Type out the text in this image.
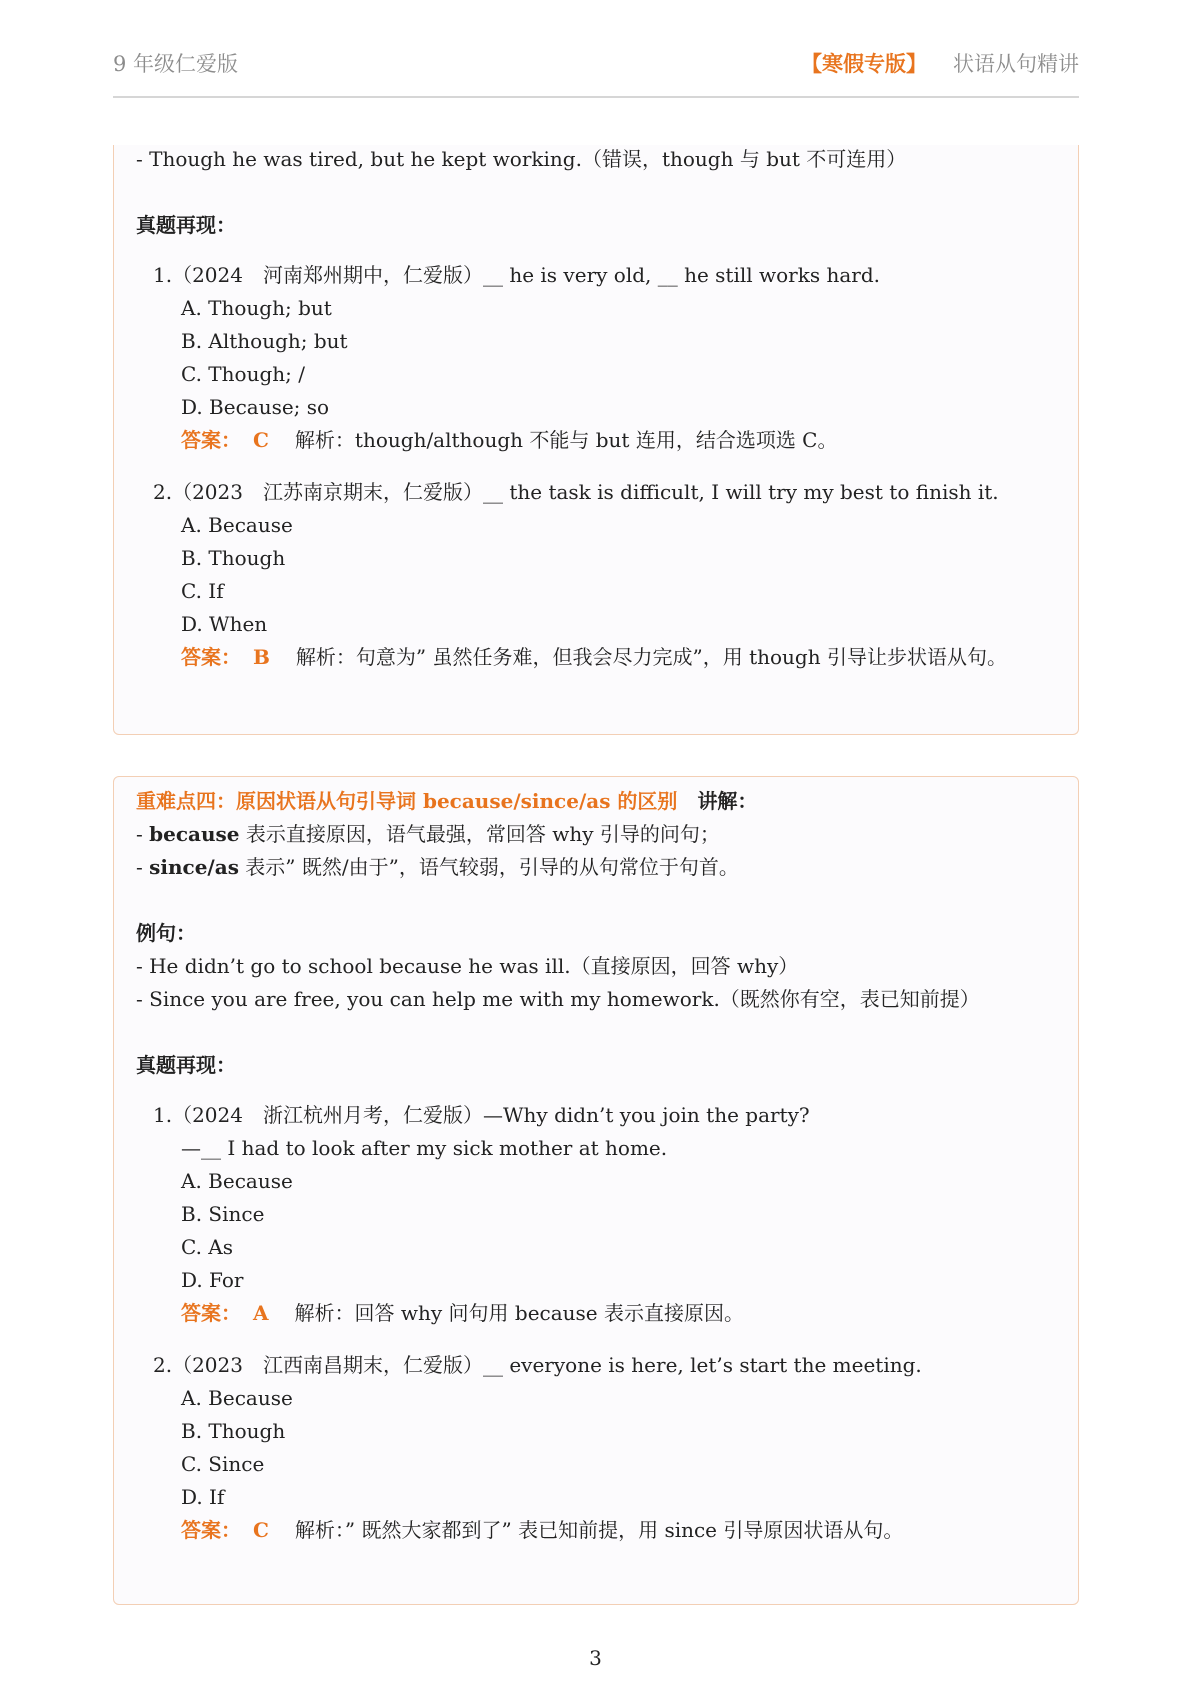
9 年级仁爱版	【寒假专版】 状语从句精讲
- Though he was tired, but he kept working.（错误，though 与 but 不可连用）
真题再现：
1.（2024　河南郑州期中，仁爱版）__ he is very old, __ he still works hard.
A. Though; but
B. Although; but
C. Though; /
D. Because; so
答案： C 解析：though/although 不能与 but 连用，结合选项选 C。
2.（2023　江苏南京期末，仁爱版）__ the task is difficult, I will try my best to finish it.
A. Because
B. Though
C. If
D. When
答案： B 解析：句意为” 虽然任务难，但我会尽力完成”，用 though 引导让步状语从句。
重难点四：原因状语从句引导词 because/since/as 的区别　 讲解：
- because 表示直接原因，语气最强，常回答 why 引导的问句；
- since/as 表示” 既然/由于”，语气较弱，引导的从句常位于句首。
例句：
- He didn’t go to school because he was ill.（直接原因，回答 why）
- Since you are free, you can help me with my homework.（既然你有空，表已知前提）
真题再现：
1.（2024　浙江杭州月考，仁爱版）—Why didn’t you join the party?
—__ I had to look after my sick mother at home.
A. Because
B. Since
C. As
D. For
答案： A 解析：回答 why 问句用 because 表示直接原因。
2.（2023　江西南昌期末，仁爱版）__ everyone is here, let’s start the meeting.
A. Because
B. Though
C. Since
D. If
答案： C 解析：” 既然大家都到了” 表已知前提，用 since 引导原因状语从句。
3
